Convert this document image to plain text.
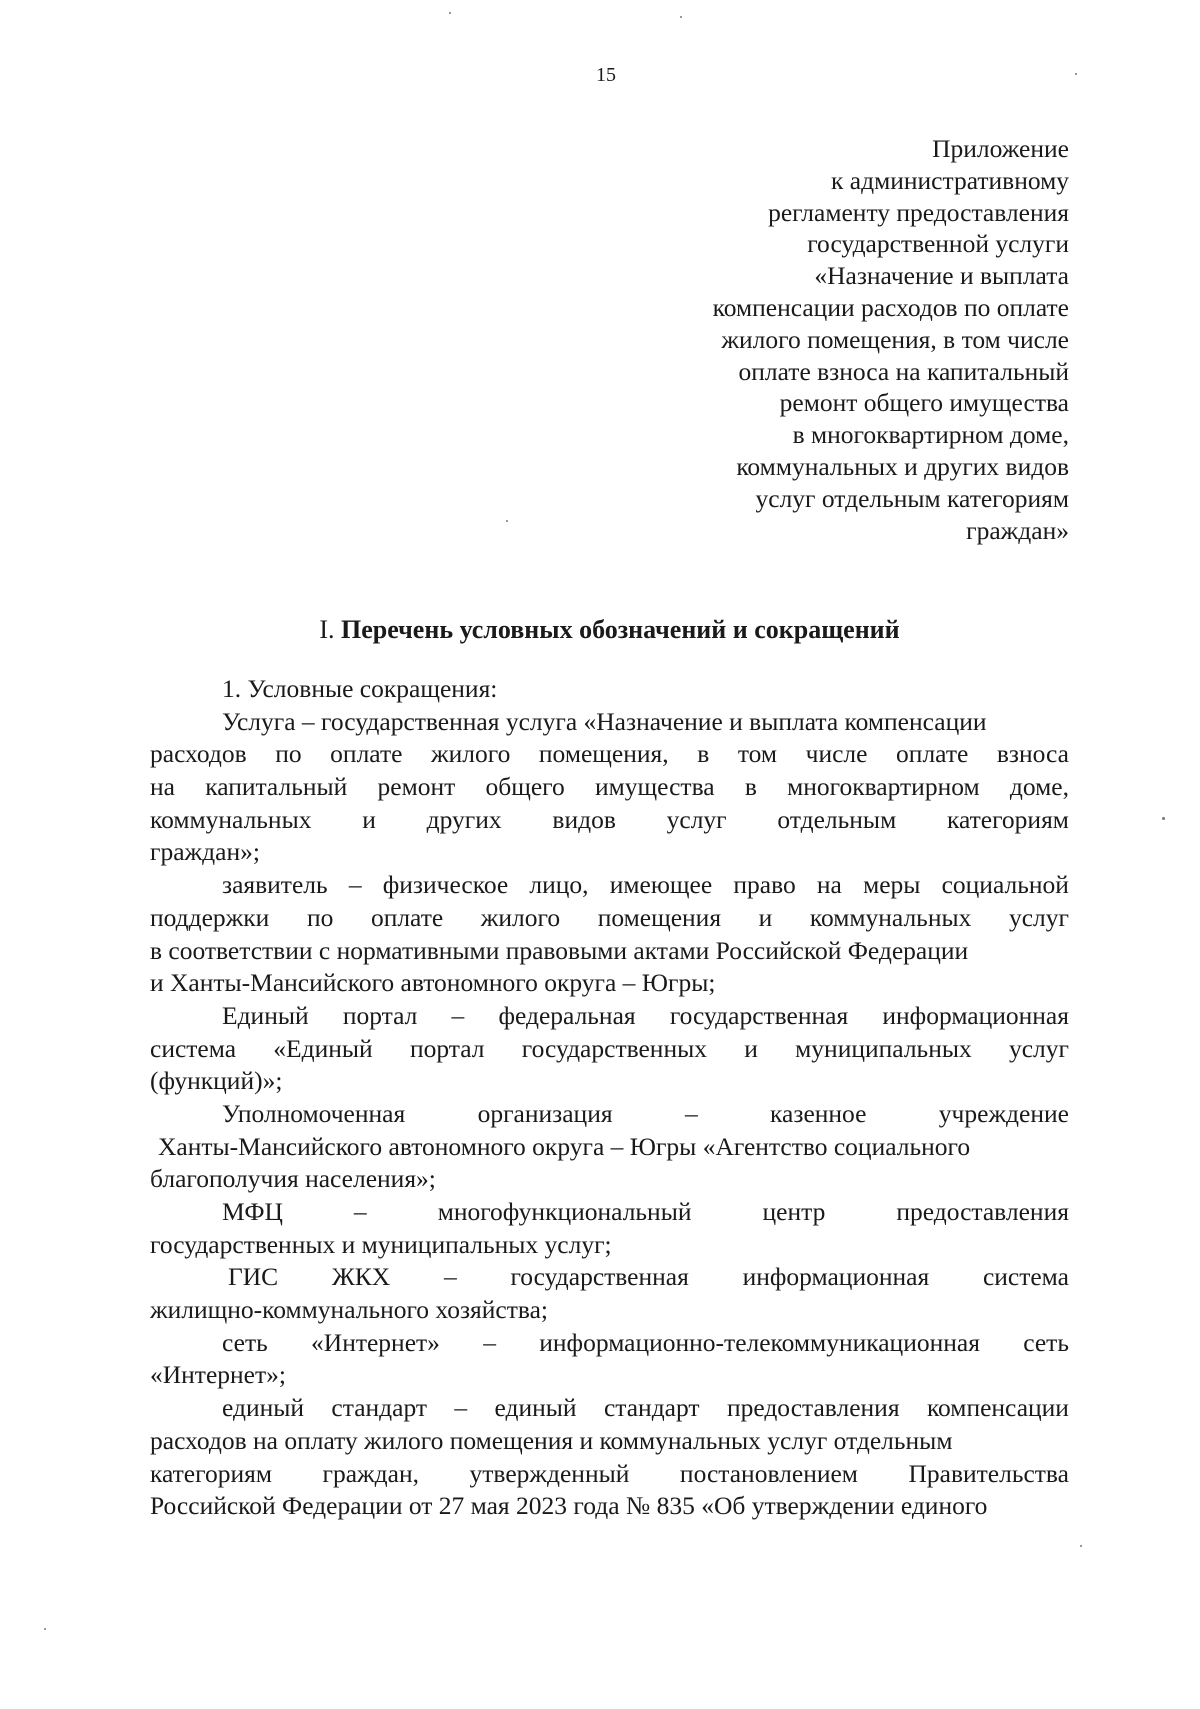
15
Приложение
к административному
регламенту предоставления
государственной услуги
«Назначение и выплата
компенсации расходов по оплате
жилого помещения, в том числе
оплате взноса на капитальный
ремонт общего имущества
в многоквартирном доме,
коммунальных и других видов
услуг отдельным категориям
граждан»
I. Перечень условных обозначений и сокращений
1. Условные сокращения:
Услуга – государственная услуга «Назначение и выплата компенсации
расходов по оплате жилого помещения, в том числе оплате взноса
на капитальный ремонт общего имущества в многоквартирном доме,
коммунальных и других видов услуг отдельным категориям
граждан»;
заявитель – физическое лицо, имеющее право на меры социальной
поддержки по оплате жилого помещения и коммунальных услуг
в соответствии с нормативными правовыми актами Российской Федерации
и Ханты-Мансийского автономного округа – Югры;
Единый портал – федеральная государственная информационная
система «Единый портал государственных и муниципальных услуг
(функций)»;
Уполномоченная	организация	–	казенное	учреждение
Ханты-Мансийского автономного округа – Югры «Агентство социального
благополучия населения»;
МФЦ	–	многофункциональный	центр	предоставления
государственных и муниципальных услуг;
ГИС ЖКХ – государственная информационная система
жилищно-коммунального хозяйства;
сеть «Интернет» – информационно-телекоммуникационная сеть
«Интернет»;
единый стандарт – единый стандарт предоставления компенсации
расходов на оплату жилого помещения и коммунальных услуг отдельным
категориям граждан, утвержденный постановлением Правительства
Российской Федерации от 27 мая 2023 года № 835 «Об утверждении единого
